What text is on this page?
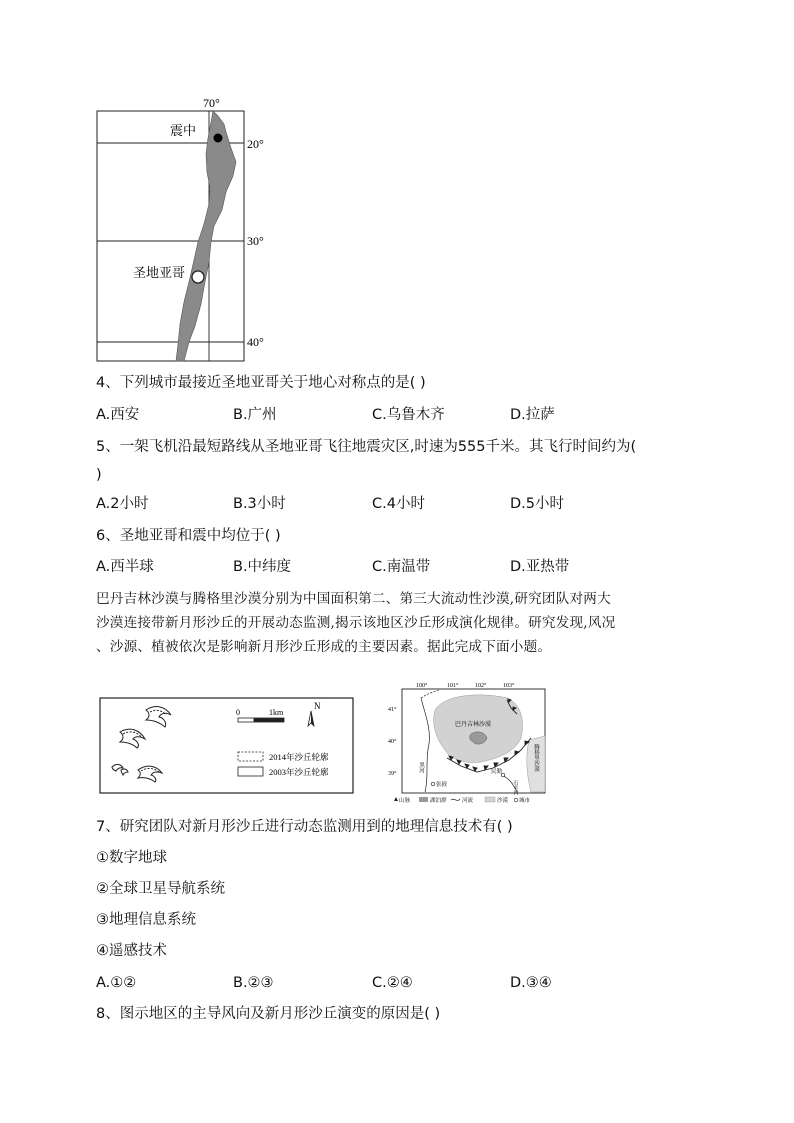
70°
20°
30°
40°
震中
圣地亚哥
4、下列城市最接近圣地亚哥关于地心对称点的是( )
A.西安	B.广州	C.乌鲁木齐	D.拉萨
5、一架飞机沿最短路线从圣地亚哥飞往地震灾区,时速为555千米。其飞行时间约为(
)
A.2小时	B.3小时	C.4小时	D.5小时
6、圣地亚哥和震中均位于( )
A.西半球	B.中纬度	C.南温带	D.亚热带
巴丹吉林沙漠与腾格里沙漠分别为中国面积第二、第三大流动性沙漠,研究团队对两大
沙漠连接带新月形沙丘的开展动态监测,揭示该地区沙丘形成演化规律。研究发现,风况
、沙源、植被依次是影响新月形沙丘形成的主要因素。据此完成下面小题。
0	1km
N
2014年沙丘轮廓
2003年沙丘轮廓
100°	101°	102°	103°
41°
40°
39°
巴丹吉林沙漠
腾格里沙漠
黑河
张掖
民勤
石羊河
山脉	湖泊群	河流	沙漠 城市
7、研究团队对新月形沙丘进行动态监测用到的地理信息技术有( )
①数字地球
②全球卫星导航系统
③地理信息系统
④遥感技术
A.①②	B.②③	C.②④	D.③④
8、图示地区的主导风向及新月形沙丘演变的原因是( )
